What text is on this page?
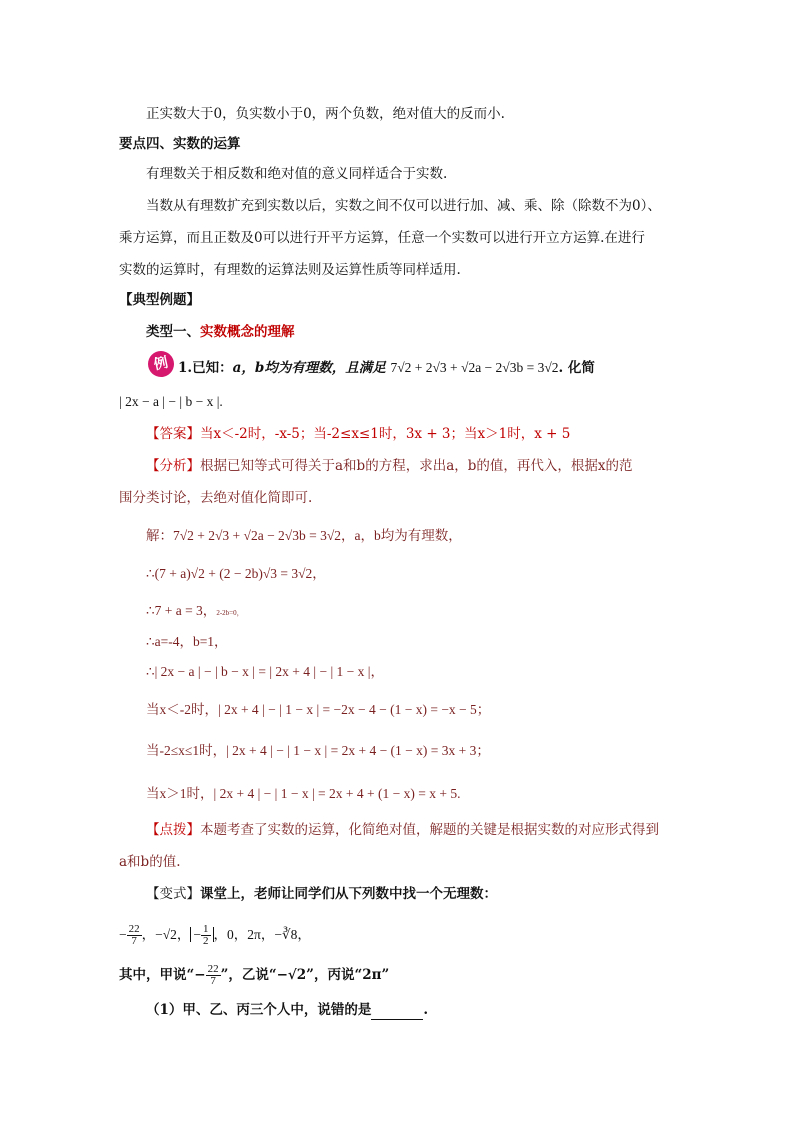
正实数大于0，负实数小于0，两个负数，绝对值大的反而小.
要点四、实数的运算
有理数关于相反数和绝对值的意义同样适合于实数.
当数从有理数扩充到实数以后，实数之间不仅可以进行加、减、乘、除（除数不为0）、
乘方运算，而且正数及0可以进行开平方运算，任意一个实数可以进行开立方运算.在进行
实数的运算时，有理数的运算法则及运算性质等同样适用.
【典型例题】
类型一、实数概念的理解
例 1.已知：a，b均为有理数，且满足 7√2 + 2√3 + √2a − 2√3b = 3√2. 化简
| 2x − a | − | b − x |.
【答案】当x＜-2时，-x-5；当-2≤x≤1时，3x + 3；当x＞1时，x + 5
【分析】根据已知等式可得关于a和b的方程，求出a，b的值，再代入，根据x的范
围分类讨论，去绝对值化简即可.
解：7√2 + 2√3 + √2a − 2√3b = 3√2，a，b均为有理数，
∴(7 + a)√2 + (2 − 2b)√3 = 3√2，
∴7 + a = 3，2-2b=0，
∴a=-4，b=1，
∴| 2x − a | − | b − x | = | 2x + 4 | − | 1 − x |，
当x＜-2时，| 2x + 4 | − | 1 − x | = −2x − 4 − (1 − x) = −x − 5；
当-2≤x≤1时，| 2x + 4 | − | 1 − x | = 2x + 4 − (1 − x) = 3x + 3；
当x＞1时，| 2x + 4 | − | 1 − x | = 2x + 4 + (1 − x) = x + 5.
【点拨】本题考查了实数的运算，化简绝对值，解题的关键是根据实数的对应形式得到
a和b的值.
【变式】课堂上，老师让同学们从下列数中找一个无理数：
− $\frac{22}{7}$ ，−√2， − $\frac{1}{2}$ ，0，2π，−∛8，
其中，甲说“− $\frac{22}{7}$ ”，乙说“−√2”，丙说“2π”
（1）甲、乙、丙三个人中，说错的是	.
